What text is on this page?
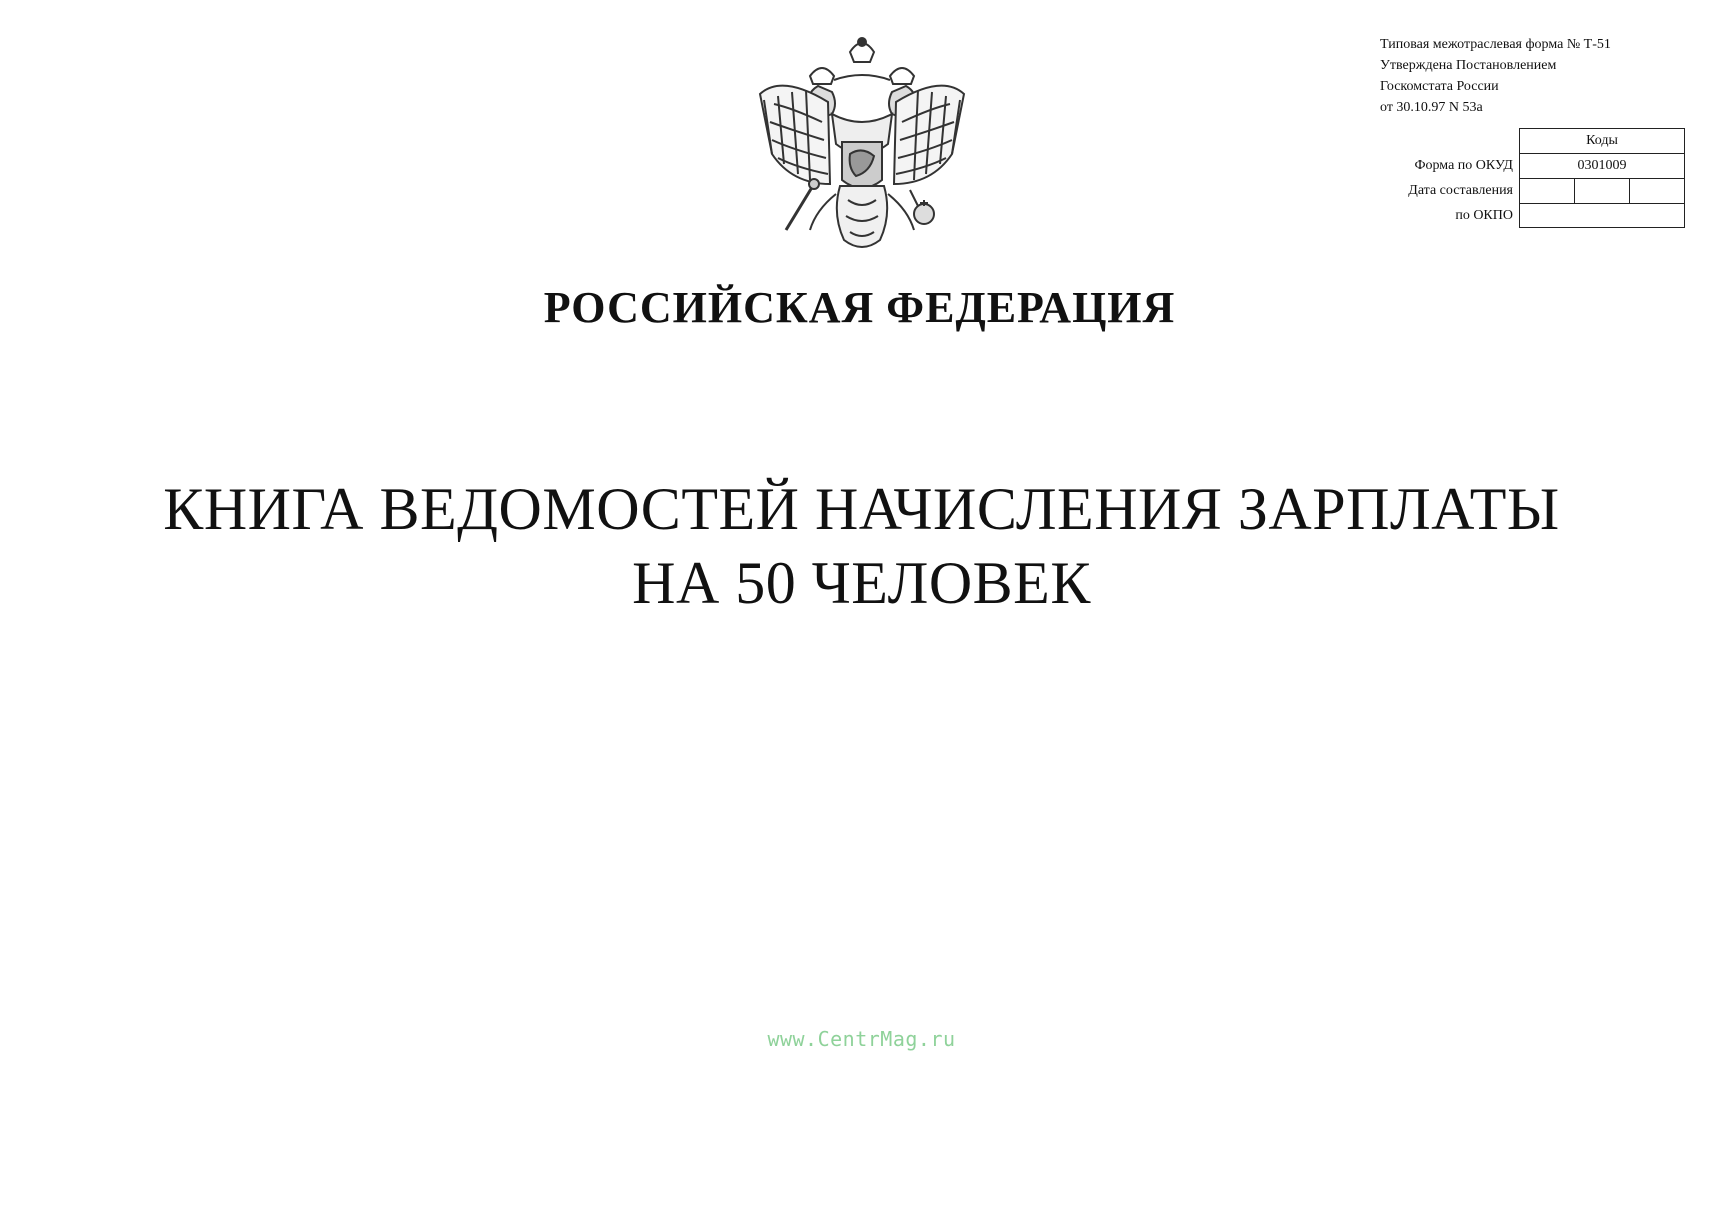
РОССИЙСКАЯ ФЕДЕРАЦИЯ
Типовая межотраслевая форма № Т-51
Утверждена Постановлением
Госкомстата России
от 30.10.97 N 53а
Коды
Форма по ОКУД	0301009
Дата составления
по ОКПО
КНИГА ВЕДОМОСТЕЙ НАЧИСЛЕНИЯ ЗАРПЛАТЫ
НА 50 ЧЕЛОВЕК
www.CentrMag.ru
